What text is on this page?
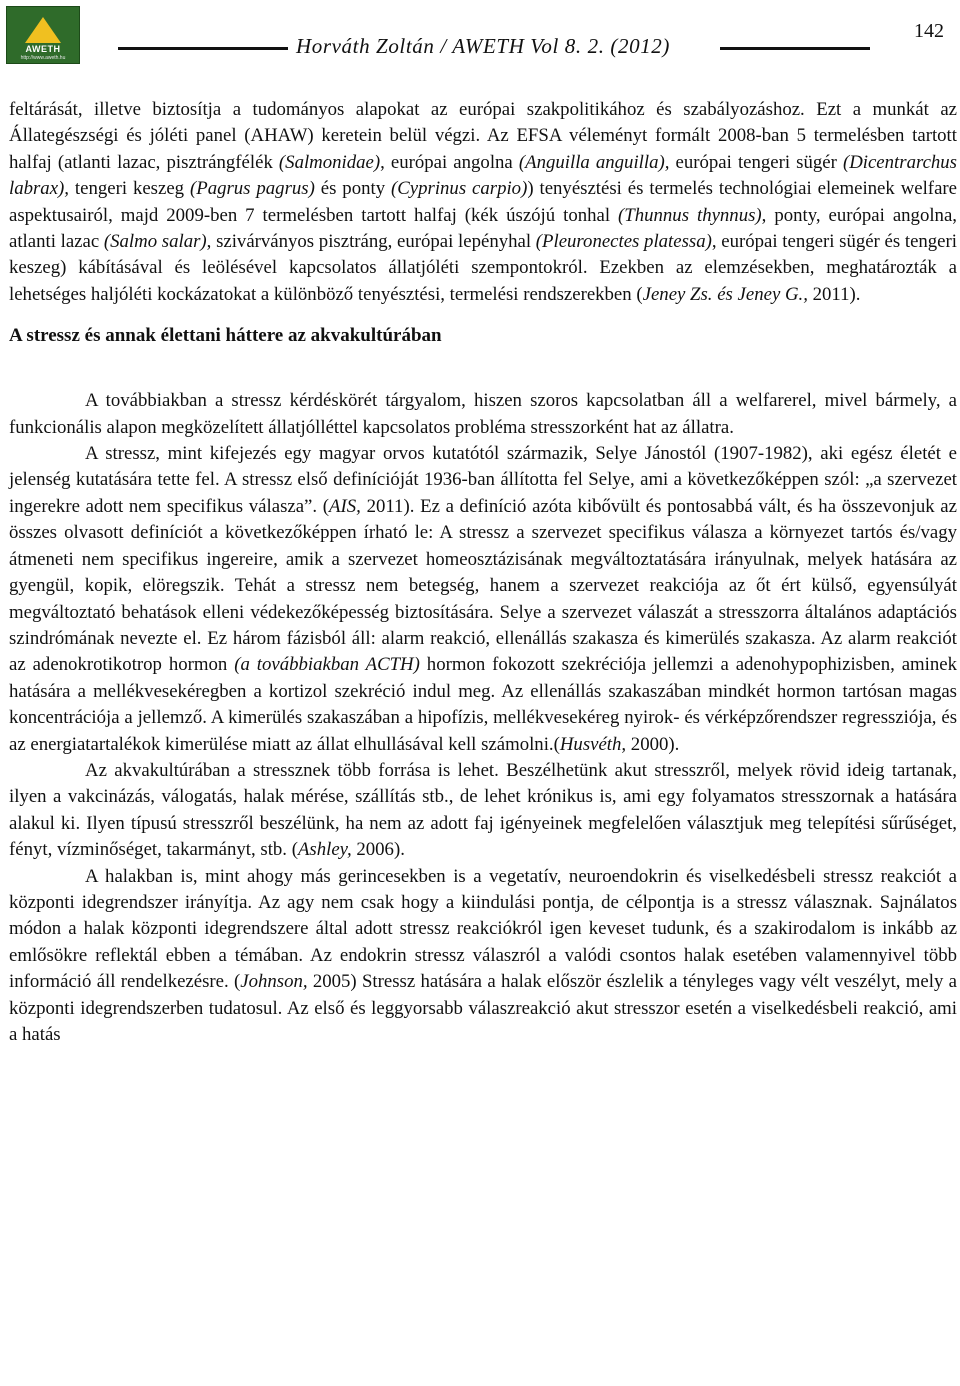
AWETH
http://www.aweth.hu	Horváth Zoltán / AWETH Vol 8. 2. (2012)
142

feltárását, illetve biztosítja a tudományos alapokat az európai szakpolitikához és szabályozáshoz. Ezt a munkát az Állategészségi és jóléti panel (AHAW) keretein belül végzi. Az EFSA véleményt formált 2008-ban 5 termelésben tartott halfaj (atlanti lazac, pisztrángfélék (Salmonidae), európai angolna (Anguilla anguilla), európai tengeri sügér (Dicentrarchus labrax), tengeri keszeg (Pagrus pagrus) és ponty (Cyprinus carpio)) tenyésztési és termelés technológiai elemeinek welfare aspektusairól, majd 2009-ben 7 termelésben tartott halfaj (kék úszójú tonhal (Thunnus thynnus), ponty, európai angolna, atlanti lazac (Salmo salar), szivárványos pisztráng, európai lepényhal (Pleuronectes platessa), európai tengeri sügér és tengeri keszeg) kábításával és leölésével kapcsolatos állatjóléti szempontokról. Ezekben az elemzésekben, meghatározták a lehetséges haljóléti kockázatokat a különböző tenyésztési, termelési rendszerekben (Jeney Zs. és Jeney G., 2011).

A stressz és annak élettani háttere az akvakultúrában

A továbbiakban a stressz kérdéskörét tárgyalom, hiszen szoros kapcsolatban áll a welfarerel, mivel bármely, a funkcionális alapon megközelített állatjólléttel kapcsolatos probléma stresszorként hat az állatra.

A stressz, mint kifejezés egy magyar orvos kutatótól származik, Selye Jánostól (1907-1982), aki egész életét e jelenség kutatására tette fel. A stressz első definícióját 1936-ban állította fel Selye, ami a következőképpen szól: „a szervezet ingerekre adott nem specifikus válasza”. (AIS, 2011). Ez a definíció azóta kibővült és pontosabbá vált, és ha összevonjuk az összes olvasott definíciót a következőképpen írható le: A stressz a szervezet specifikus válasza a környezet tartós és/vagy átmeneti nem specifikus ingereire, amik a szervezet homeosztázisának megváltoztatására irányulnak, melyek hatására az gyengül, kopik, elöregszik. Tehát a stressz nem betegség, hanem a szervezet reakciója az őt ért külső, egyensúlyát megváltoztató behatások elleni védekezőképesség biztosítására. Selye a szervezet válaszát a stresszorra általános adaptációs szindrómának nevezte el. Ez három fázisból áll: alarm reakció, ellenállás szakasza és kimerülés szakasza. Az alarm reakciót az adenokrotikotrop hormon (a továbbiakban ACTH) hormon fokozott szekréciója jellemzi a adenohypophizisben, aminek hatására a mellékvesekéregben a kortizol szekréció indul meg. Az ellenállás szakaszában mindkét hormon tartósan magas koncentrációja a jellemző. A kimerülés szakaszában a hipofízis, mellékvesekéreg nyirok- és vérképzőrendszer regressziója, és az energiatartalékok kimerülése miatt az állat elhullásával kell számolni.(Husvéth, 2000).

Az akvakultúrában a stressznek több forrása is lehet. Beszélhetünk akut stresszről, melyek rövid ideig tartanak, ilyen a vakcinázás, válogatás, halak mérése, szállítás stb., de lehet krónikus is, ami egy folyamatos stresszornak a hatására alakul ki. Ilyen típusú stresszről beszélünk, ha nem az adott faj igényeinek megfelelően választjuk meg telepítési sűrűséget, fényt, vízminőséget, takarmányt, stb. (Ashley, 2006).

A halakban is, mint ahogy más gerincesekben is a vegetatív, neuroendokrin és viselkedésbeli stressz reakciót a központi idegrendszer irányítja. Az agy nem csak hogy a kiindulási pontja, de célpontja is a stressz válasznak. Sajnálatos módon a halak központi idegrendszere által adott stressz reakciókról igen keveset tudunk, és a szakirodalom is inkább az emlősökre reflektál ebben a témában. Az endokrin stressz válaszról a valódi csontos halak esetében valamennyivel több információ áll rendelkezésre. (Johnson, 2005) Stressz hatására a halak először észlelik a tényleges vagy vélt veszélyt, mely a központi idegrendszerben tudatosul. Az első és leggyorsabb válaszreakció akut stresszor esetén a viselkedésbeli reakció, ami a hatás
